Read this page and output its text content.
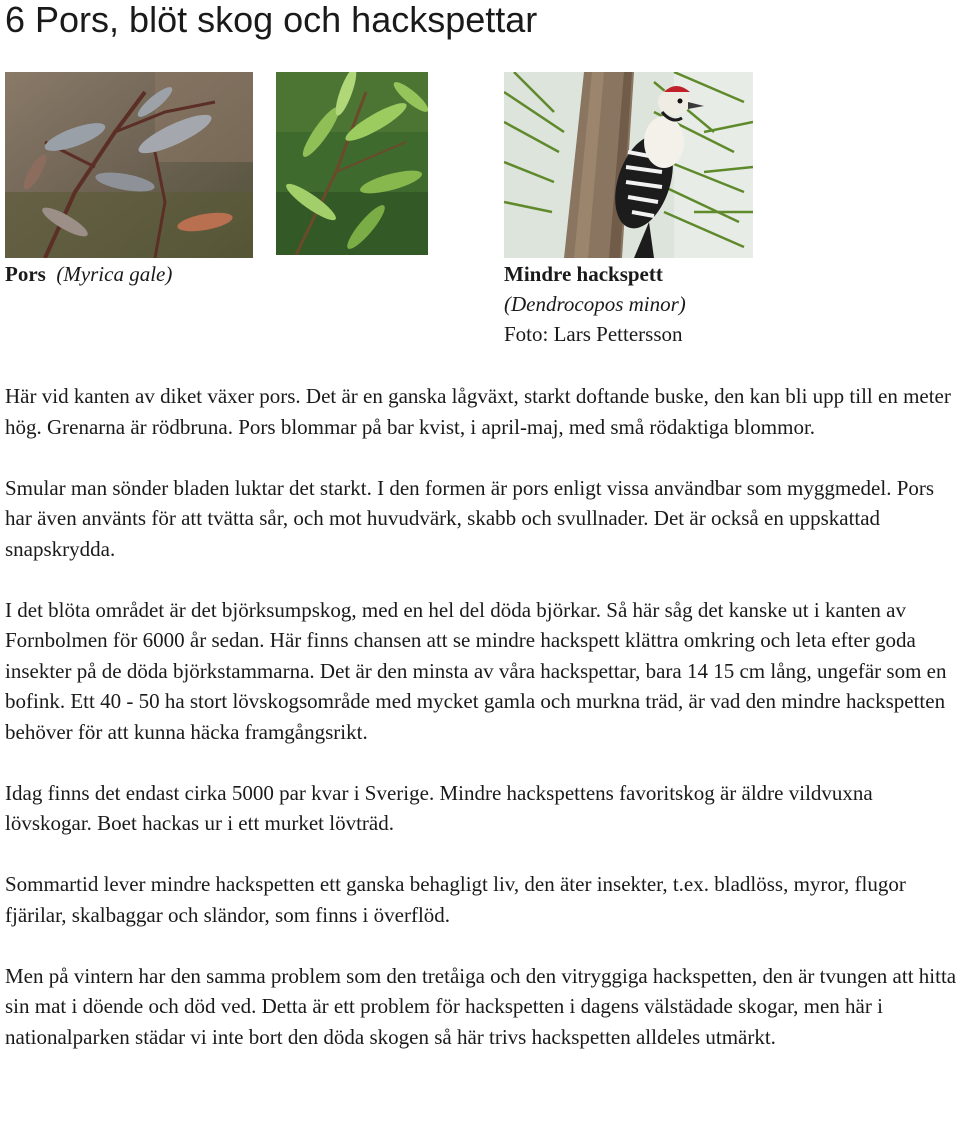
6 Pors, blöt skog och hackspettar
Pors (Myrica gale)	Mindre hackspett
(Dendrocopos minor)
Foto: Lars Pettersson

Här vid kanten av diket växer pors. Det är en ganska lågväxt, starkt doftande buske, den kan bli upp till en meter hög. Grenarna är rödbruna. Pors blommar på bar kvist, i april-maj, med små rödaktiga blommor.

Smular man sönder bladen luktar det starkt. I den formen är pors enligt vissa användbar som myggmedel. Pors har även använts för att tvätta sår, och mot huvudvärk, skabb och svullnader. Det är också en uppskattad snapskrydda.

I det blöta området är det björksumpskog, med en hel del döda björkar. Så här såg det kanske ut i kanten av Fornbolmen för 6000 år sedan. Här finns chansen att se mindre hackspett klättra omkring och leta efter goda insekter på de döda björkstammarna. Det är den minsta av våra hackspettar, bara 14 15 cm lång, ungefär som en bofink. Ett 40 - 50 ha stort lövskogsområde med mycket gamla och murkna träd, är vad den mindre hackspetten behöver för att kunna häcka framgångsrikt.

Idag finns det endast cirka 5000 par kvar i Sverige. Mindre hackspettens favoritskog är äldre vildvuxna lövskogar. Boet hackas ur i ett murket lövträd.

Sommartid lever mindre hackspetten ett ganska behagligt liv, den äter insekter, t.ex. bladlöss, myror, flugor fjärilar, skalbaggar och sländor, som finns i överflöd.

Men på vintern har den samma problem som den tretåiga och den vitryggiga hackspetten, den är tvungen att hitta sin mat i döende och död ved. Detta är ett problem för hackspetten i dagens välstädade skogar, men här i nationalparken städar vi inte bort den döda skogen så här trivs hackspetten alldeles utmärkt.
